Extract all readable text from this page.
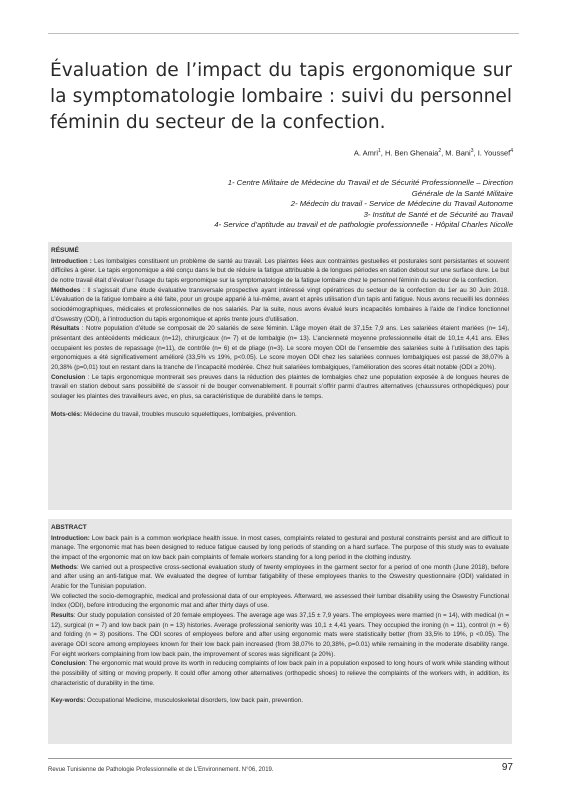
Évaluation de l’impact du tapis ergonomique sur la symptomatologie lombaire : suivi du personnel féminin du secteur de la confection.
A. Amri$^1$, H. Ben Ghenaia$^2$, M. Bani$^3$, I. Youssef$^4$
1- Centre Militaire de Médecine du Travail et de Sécurité Professionnelle – Direction
Générale de la Santé Militaire
2- Médecin du travail - Service de Médecine du Travail Autonome
3- Institut de Santé et de Sécurité au Travail
4- Service d’aptitude au travail et de pathologie professionnelle - Hôpital Charles Nicolle
RÉSUMÉ

Introduction : Les lombalgies constituent un problème de santé au travail. Les plaintes liées aux contraintes gestuelles et posturales sont persistantes et souvent difficiles à gérer. Le tapis ergonomique a été conçu dans le but de réduire la fatigue attribuable à de longues périodes en station debout sur une surface dure. Le but de notre travail était d’évaluer l’usage du tapis ergonomique sur la symptomatologie de la fatigue lombaire chez le personnel féminin du secteur de la confection.

Méthodes : Il s’agissait d’une étude évaluative transversale prospective ayant intéressé vingt opératrices du secteur de la confection du 1er au 30 Juin 2018. L’évaluation de la fatigue lombaire a été faite, pour un groupe apparié à lui-même, avant et après utilisation d’un tapis anti fatigue. Nous avons recueilli les données sociodémographiques, médicales et professionnelles de nos salariés. Par la suite, nous avons évalué leurs incapacités lombaires à l’aide de l’indice fonctionnel d’Oswestry (ODI), à l’introduction du tapis ergonomique et après trente jours d’utilisation.

Résultats : Notre population d’étude se composait de 20 salariés de sexe féminin. L’âge moyen était de 37,15± 7,9 ans. Les salariées étaient mariées (n= 14), présentant des antécédents médicaux (n=12), chirurgicaux (n= 7) et de lombalgie (n= 13). L’ancienneté moyenne professionnelle était de 10,1± 4,41 ans. Elles occupaient les postes de repassage (n=11), de contrôle (n= 6) et de pliage (n=3). Le score moyen ODI de l’ensemble des salariées suite à l’utilisation des tapis ergonomiques a été significativement amélioré (33,5% vs 19%, p<0.05). Le score moyen ODI chez les salariées connues lombalgiques est passé de 38,07% à 20,38% (p=0,01) tout en restant dans la tranche de l’incapacité modérée. Chez huit salariées lombalgiques, l’amélioration des scores était notable (ODI ≥ 20%).

Conclusion : Le tapis ergonomique montrerait ses preuves dans la réduction des plaintes de lombalgies chez une population exposée à de longues heures de travail en station debout sans possibilité de s’assoir ni de bouger convenablement. Il pourrait s’offrir parmi d’autres alternatives (chaussures orthopédiques) pour soulager les plaintes des travailleurs avec, en plus, sa caractéristique de durabilité dans le temps.

Mots-clés: Médecine du travail, troubles musculo squelettiques, lombalgies, prévention.

ABSTRACT

Introduction: Low back pain is a common workplace health issue. In most cases, complaints related to gestural and postural constraints persist and are difficult to manage. The ergonomic mat has been designed to reduce fatigue caused by long periods of standing on a hard surface. The purpose of this study was to evaluate the impact of the ergonomic mat on low back pain complaints of female workers standing for a long period in the clothing industry.

Methods: We carried out a prospective cross-sectional evaluation study of twenty employees in the garment sector for a period of one month (June 2018), before and after using an anti-fatigue mat. We evaluated the degree of lumbar fatigability of these employees thanks to the Oswestry questionnaire (ODI) validated in Arabic for the Tunisian population.

We collected the socio-demographic, medical and professional data of our employees. Afterward, we assessed their lumbar disability using the Oswestry Functional Index (ODI), before introducing the ergonomic mat and after thirty days of use.

Results: Our study population consisted of 20 female employees. The average age was 37,15 ± 7,9 years. The employees were married (n = 14), with medical (n = 12), surgical (n = 7) and low back pain (n = 13) histories. Average professional seniority was 10,1 ± 4,41 years. They occupied the ironing (n = 11), control (n = 6) and folding (n = 3) positions. The ODI scores of employees before and after using ergonomic mats were statistically better (from 33,5% to 19%, p <0.05). The average ODI score among employees known for their low back pain increased (from 38,07% to 20,38%, p=0.01) while remaining in the moderate disability range. For eight workers complaining from low back pain, the improvement of scores was significant (≥ 20%).

Conclusion: The ergonomic mat would prove its worth in reducing complaints of low back pain in a population exposed to long hours of work while standing without the possibility of sitting or moving properly. It could offer among other alternatives (orthopedic shoes) to relieve the complaints of the workers with, in addition, its characteristic of durability in the time.

Key-words: Occupational Medicine, musculoskeletal disorders, low back pain, prevention.

Revue Tunisienne de Pathologie Professionnelle et de L’Environnement. N°06, 2019.	97
